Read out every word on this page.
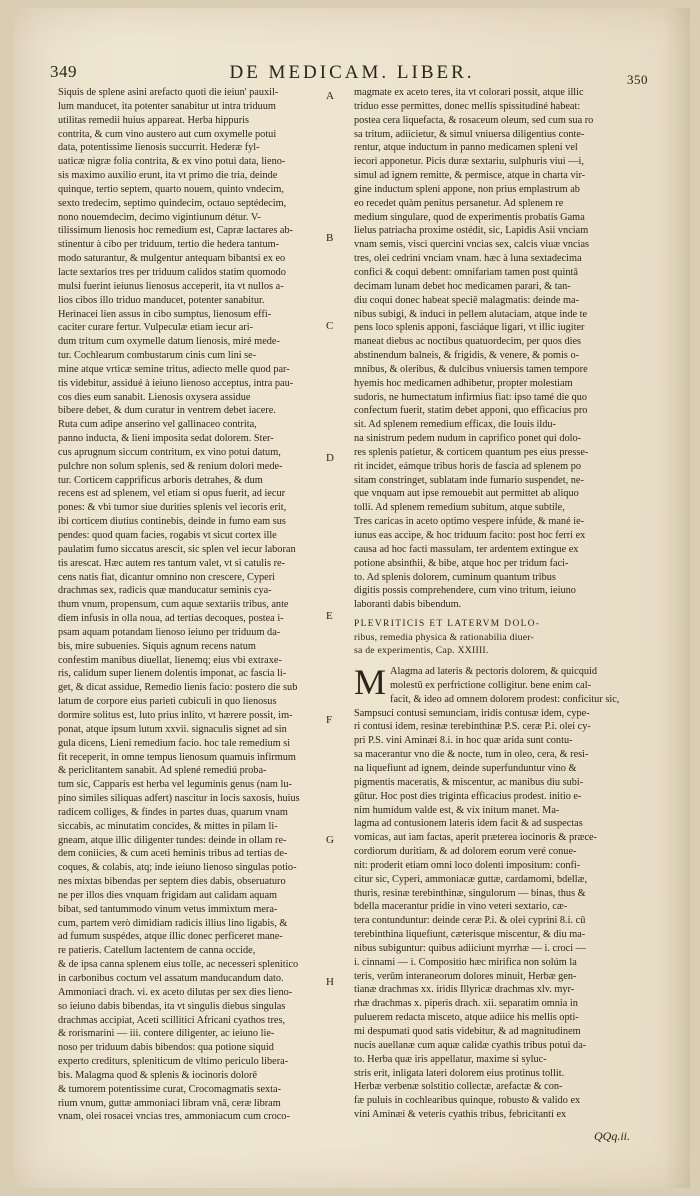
349	DE MEDICAM. LIBER.	350

Siquis de splene asini arefacto quoti die ieiun' pauxil-

lum manducet, ita potenter sanabitur ut intra triduum

utilitas remedii huius appareat. Herba hippuris

contrita, & cum vino austero aut cum oxymelle potui

data, potentissime lienosis succurrit. Hederæ fyl-

uaticæ nigræ folia contrita, & ex vino potui data, lieno-

sis maximo auxilio erunt, ita vt primo die tria, deinde

quinque, tertio septem, quarto nouem, quinto vndecim,

sexto tredecim, septimo quindecim, octauo septédecim,

nono nouemdecim, decimo vigintiunum détur. V-

tilissimum lienosis hoc remedium est, Capræ lactares ab-

stinentur à cibo per triduum, tertio die hedera tantum-

modo saturantur, & mulgentur antequam bibantsi ex eo

lacte sextarios tres per triduum calidos statim quomodo

mulsi fuerint ieiunus lienosus acceperit, ita vt nullos a-

lios cibos illo triduo manducet, potenter sanabitur.

Herinacei lien assus in cibo sumptus, lienosum effi-

caciter curare fertur. Vulpeculæ etiam iecur ari-

dum tritum cum oxymelle datum lienosis, miré mede-

tur. Cochlearum combustarum cinis cum lini se-

mine atque vrticæ semine tritus, adiecto melle quod par-

tis videbitur, assidué à ieiuno lienoso acceptus, intra pau-

cos dies eum sanabit. Lienosis oxysera assidue

bibere debet, & dum curatur in ventrem debet iacere.

Ruta cum adipe anserino vel gallinaceo contrita,

panno inducta, & lieni imposita sedat dolorem. Ster-

cus aprugnum siccum contritum, ex vino potui datum,

pulchre non solum splenis, sed & renium dolori mede-

tur. Corticem capprificus arboris detrahes, & dum

recens est ad splenem, vel etiam si opus fuerit, ad iecur

pones: & vbi tumor siue durities splenis vel iecoris erit,

ibi corticem diutius continebis, deinde in fumo eam sus

pendes: quod quam facies, rogabis vt sicut cortex ille

paulatim fumo siccatus arescit, sic splen vel iecur laboran

tis arescat. Hæc autem res tantum valet, vt si catulis re-

cens natis fiat, dicantur omnino non crescere, Cyperi

drachmas sex, radicis quæ manducatur seminis cya-

thum vnum, propensum, cum aquæ sextariis tribus, ante

diem infusis in olla noua, ad tertias decoques, postea i-

psam aquam potandam lienoso ieiuno per triduum da-

bis, mire subuenies. Siquis agnum recens natum

confestim manibus diuellat, lienemq; eius vbi extraxe-

ris, calidum super lienem dolentis imponat, ac fascia li-

get, & dicat assidue, Remedio lienis facio: postero die sub

latum de corpore eius parieti cubiculi in quo lienosus

dormire solitus est, luto prius inlito, vt hærere possit, im-

ponat, atque ipsum lutum xxvii. signaculis signet ad sin

gula dicens, Lieni remedium facio. hoc tale remedium si

fit receperit, in omne tempus lienosum quamuis infirmum

& periclitantem sanabit. Ad splené remediú proba-

tum sic, Capparis est herba vel leguminis genus (nam lu-

pino similes siliquas adfert) nascitur in locis saxosis, huius

radicem colliges, & findes in partes duas, quarum vnam

siccabis, ac minutatim concides, & mittes in pilam li-

gneam, atque illic diligenter tundes: deinde in ollam re-

dem coniicies, & cum aceti heminis tribus ad tertias de-

coques, & colabis, atq; inde ieiuno lienoso singulas potio-

nes mixtas bibendas per septem dies dabis, obseruaturo

ne per illos dies vnquam frigidam aut calidam aquam

bibat, sed tantummodo vinum vetus immixtum mera-

cum, partem verò dimidiam radicis illius lino ligabis, &

ad fumum suspédes, atque illic donec perficeret mane-

re patieris. Catellum lactentem de canna occide,

& de ipsa canna splenem eius tolle, ac necesseri splenitico

in carbonibus coctum vel assatum manducandum dato.

Ammoniaci drach. vi. ex aceto dilutas per sex dies lieno-

so ieiuno dabis bibendas, ita vt singulis diebus singulas

drachmas accipiat, Aceti scillitici Africani cyathos tres,

& rorismarini — iii. contere diligenter, ac ieiuno lie-

noso per triduum dabis bibendos: qua potione siquid

experto crediturs, spleniticum de vltimo periculo libera-

bis. Malagma quod & splenis & iocinoris dolorē

& tumorem potentissime curat, Crocomagmatis sexta-

rium vnum, guttæ ammoniaci libram vnā, ceræ libram

vnam, olei rosacei vncias tres, ammoniacum cum croco-

A
B
C
D
E
F
G
H

magmate ex aceto teres, ita vt colorari possit, atque illic

triduo esse permittes, donec mellis spissitudiné habeat:

postea cera liquefacta, & rosaceum oleum, sed cum sua ro

sa tritum, adiicietur, & simul vniuersa diligentius conte-

rentur, atque inductum in panno medicamen spleni vel

iecori apponetur. Picis duræ sextariu, sulphuris viui —i,

simul ad ignem remitte, & permisce, atque in charta vir-

gine inductum spleni appone, non prius emplastrum ab

eo recedet quàm penitus persanetur. Ad splenem re

medium singulare, quod de experimentis probatis Gama

lielus patriacha proxime ostédit, sic, Lapidis Asii vnciam

vnam semis, visci quercini vncias sex, calcis viuæ vncias

tres, olei cedrini vnciam vnam. hæc à luna sextadecima

confici & coqui debent: omnifariam tamen post quintā

decimam lunam debet hoc medicamen parari, & tan-

diu coqui donec habeat speciē malagmatis: deinde ma-

nibus subigi, & induci in pellem alutaciam, atque inde te

pens loco splenis apponi, fasciáque ligari, vt illic iugiter

maneat diebus ac noctibus quatuordecim, per quos dies

abstinendum balneis, & frigidis, & venere, & pomis o-

mnibus, & oleribus, & dulcibus vniuersis tamen tempore

hyemis hoc medicamen adhibetur, propter molestiam

sudoris, ne humectatum infirmius fiat: ipso tamé die quo

confectum fuerit, statim debet apponi, quo efficacius pro

sit. Ad splenem remedium efficax, die Iouis ildu-

na sinistrum pedem nudum in caprifico ponet qui dolo-

res splenis patietur, & corticem quantum pes eius presse-

rit incidet, eámque tribus horis de fascia ad splenem po

sitam constringet, sublatam inde fumario suspendet, ne-

que vnquam aut ipse remouebit aut permittet ab aliquo

tolli. Ad splenem remedium subitum, atque subtile,

Tres caricas in aceto optimo vespere infúde, & mané ie-

iunus eas accipe, & hoc triduum facito: post hoc ferri ex

causa ad hoc facti massulam, ter ardentem extingue ex

potione absinthii, & bibe, atque hoc per tridum faci-

to. Ad splenis dolorem, cuminum quantum tribus

digitis possis comprehendere, cum vino tritum, ieiuno

laboranti dabis bibendum.

PLEVRITICIS ET LATERVM DOLO-
ribus, remedia physica & rationabilia diuer-
sa de experimentis, Cap. XXIIII.
M Alagma ad lateris & pectoris dolorem, & quicquid

molestū ex perfrictione colligitur. bene enim cal-

facit, & ideo ad omnem dolorem prodest: conficitur sic,

Sampsuci contusi semunciam, iridis contusæ idem, cype-

ri contusi idem, resinæ terebinthinæ P.S. ceræ P.i. olei cy-

pri P.S. vini Aminæi 8.i. in hoc quæ arida sunt contu-

sa macerantur vno die & nocte, tum in oleo, cera, & resi-

na liquefiunt ad ignem, deinde superfunduntur vino &

pigmentis maceratis, & miscentur, ac manibus diu subi-

gūtur. Hoc post dies triginta efficacius prodest. initio e-

nim humidum valde est, & vix initum manet. Ma-

lagma ad contusionem lateris idem facit & ad suspectas

vomicas, aut iam factas, aperit præterea iocinoris & præce-

cordiorum duritiam, & ad dolorem eorum veré conue-

nit: proderit etiam omni loco dolenti impositum: confi-

citur sic, Cyperi, ammoniacæ guttæ, cardamomi, bdellæ,

thuris, resinæ terebinthinæ, singulorum — binas, thus &

bdella macerantur pridie in vino veteri sextario, cæ-

tera contunduntur: deinde ceræ P.i. & olei cyprini 8.i. cū

terebinthina liquefiunt, cæterisque miscentur, & diu ma-

nibus subiguntur: quibus adiiciunt myrrhæ — i. croci —

i. cinnami — i. Compositio hæc mirifica non solúm la

teris, verūm interaneorum dolores minuit, Herbæ gen-

tianæ drachmas xx. iridis Illyricæ drachmas xlv. myr-

rhæ drachmas x. piperis drach. xii. separatim omnia in

puluerem redacta misceto, atque adiice his mellis opti-

mi despumati quod satis videbitur, & ad magnitudinem

nucis auellanæ cum aquæ calidæ cyathis tribus potui da-

to. Herba quæ iris appellatur, maxime si syluc-

stris erit, inligata lateri dolorem eius protinus tollit.

Herbæ verbenæ solstitio collectæ, arefactæ & con-

fæ puluis in cochlearibus quinque, robusto & valido ex

vini Aminæi & veteris cyathis tribus, febricitanti ex

QQq.ii.
